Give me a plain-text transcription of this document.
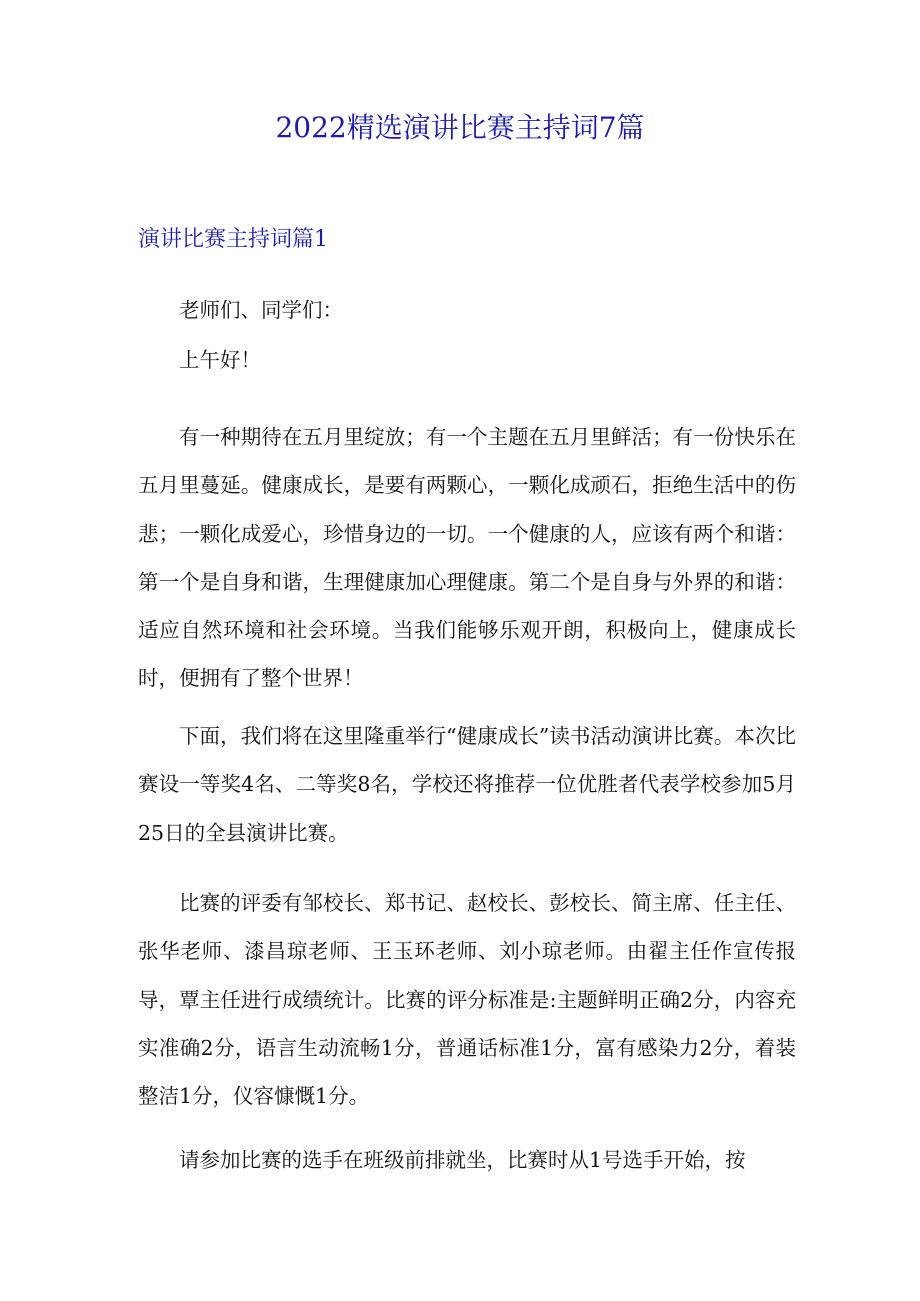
2022精选演讲比赛主持词7篇
演讲比赛主持词篇1

老师们、同学们：

上午好！

有一种期待在五月里绽放；有一个主题在五月里鲜活；有一份快乐在五月里蔓延。健康成长，是要有两颗心，一颗化成顽石，拒绝生活中的伤悲；一颗化成爱心，珍惜身边的一切。一个健康的人，应该有两个和谐：第一个是自身和谐，生理健康加心理健康。第二个是自身与外界的和谐：适应自然环境和社会环境。当我们能够乐观开朗，积极向上，健康成长时，便拥有了整个世界！

下面，我们将在这里隆重举行“健康成长”读书活动演讲比赛。本次比赛设一等奖4名、二等奖8名，学校还将推荐一位优胜者代表学校参加5月25日的全县演讲比赛。

比赛的评委有邹校长、郑书记、赵校长、彭校长、简主席、任主任、张华老师、漆昌琼老师、王玉环老师、刘小琼老师。由翟主任作宣传报导，覃主任进行成绩统计。比赛的评分标准是:主题鲜明正确2分，内容充实准确2分，语言生动流畅1分，普通话标准1分，富有感染力2分，着装整洁1分，仪容慷慨1分。

请参加比赛的选手在班级前排就坐，比赛时从1号选手开始，按
